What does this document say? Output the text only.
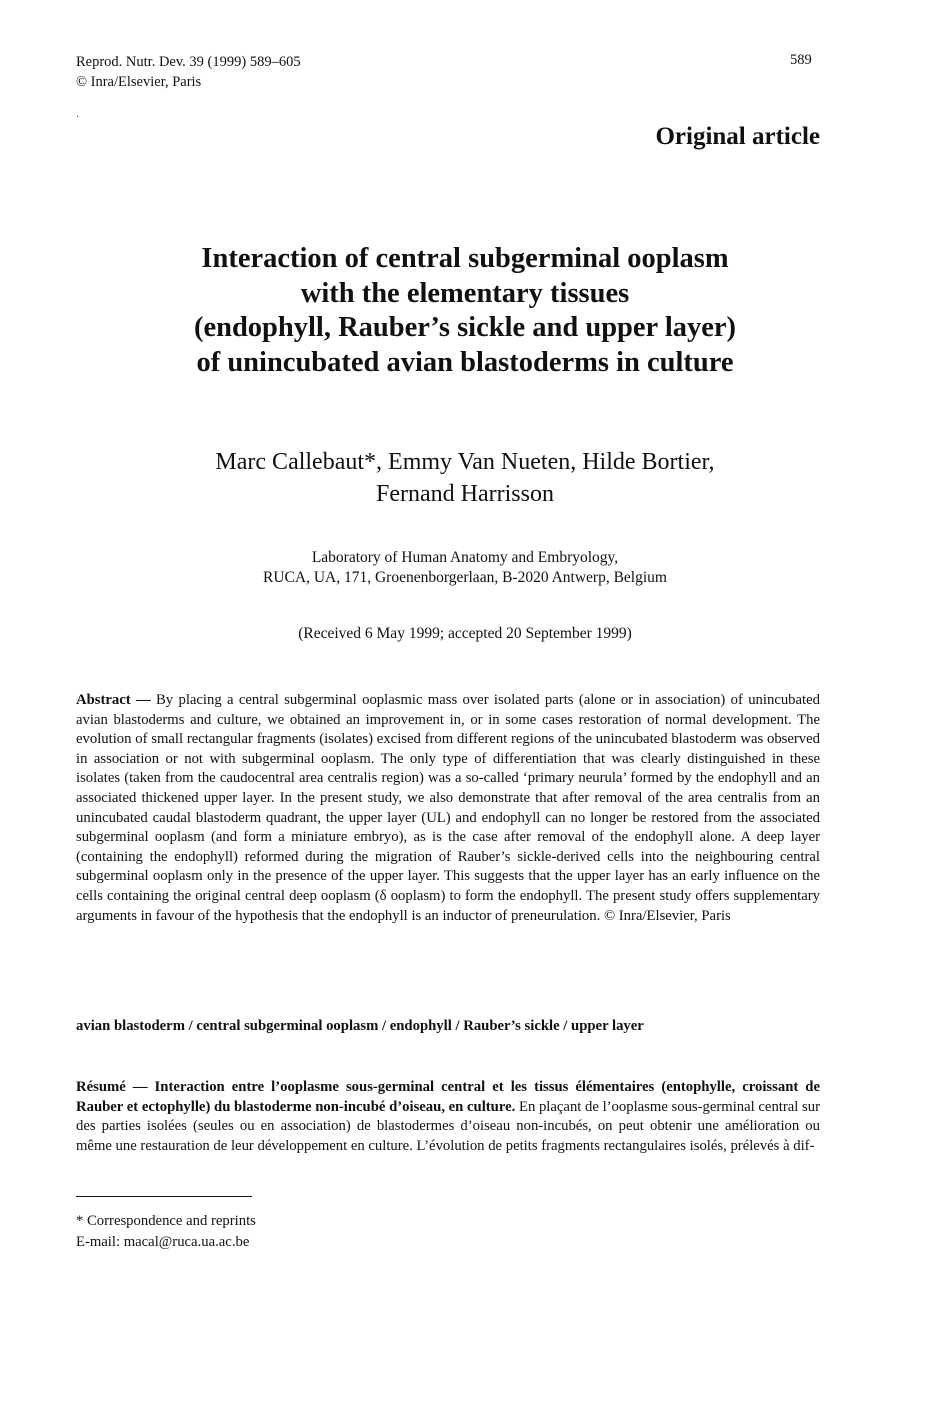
Reprod. Nutr. Dev. 39 (1999) 589–605
© Inra/Elsevier, Paris
589
·
Original article
Interaction of central subgerminal ooplasm
with the elementary tissues
(endophyll, Rauber’s sickle and upper layer)
of unincubated avian blastoderms in culture
Marc Callebaut*, Emmy Van Nueten, Hilde Bortier,
Fernand Harrisson
Laboratory of Human Anatomy and Embryology,
RUCA, UA, 171, Groenenborgerlaan, B-2020 Antwerp, Belgium
(Received 6 May 1999; accepted 20 September 1999)
Abstract — By placing a central subgerminal ooplasmic mass over isolated parts (alone or in association) of unincubated avian blastoderms and culture, we obtained an improvement in, or in some cases restoration of normal development. The evolution of small rectangular fragments (isolates) excised from different regions of the unincubated blastoderm was observed in association or not with subgerminal ooplasm. The only type of differentiation that was clearly distinguished in these isolates (taken from the caudocentral area centralis region) was a so-called ‘primary neurula’ formed by the endophyll and an associated thickened upper layer. In the present study, we also demonstrate that after removal of the area centralis from an unincubated caudal blastoderm quadrant, the upper layer (UL) and endophyll can no longer be restored from the associated subgerminal ooplasm (and form a miniature embryo), as is the case after removal of the endophyll alone. A deep layer (containing the endophyll) reformed during the migration of Rauber’s sickle-derived cells into the neighbouring central subgerminal ooplasm only in the presence of the upper layer. This suggests that the upper layer has an early influence on the cells containing the original central deep ooplasm (δ ooplasm) to form the endophyll. The present study offers supplementary arguments in favour of the hypothesis that the endophyll is an inductor of preneurulation. © Inra/Elsevier, Paris
avian blastoderm / central subgerminal ooplasm / endophyll / Rauber’s sickle / upper layer
Résumé — Interaction entre l’ooplasme sous-germinal central et les tissus élémentaires (entophylle, croissant de Rauber et ectophylle) du blastoderme non-incubé d’oiseau, en culture. En plaçant de l’ooplasme sous-germinal central sur des parties isolées (seules ou en association) de blastodermes d’oiseau non-incubés, on peut obtenir une amélioration ou même une restauration de leur développement en culture. L’évolution de petits fragments rectangulaires isolés, prélevés à dif-
* Correspondence and reprints
E-mail: macal@ruca.ua.ac.be
